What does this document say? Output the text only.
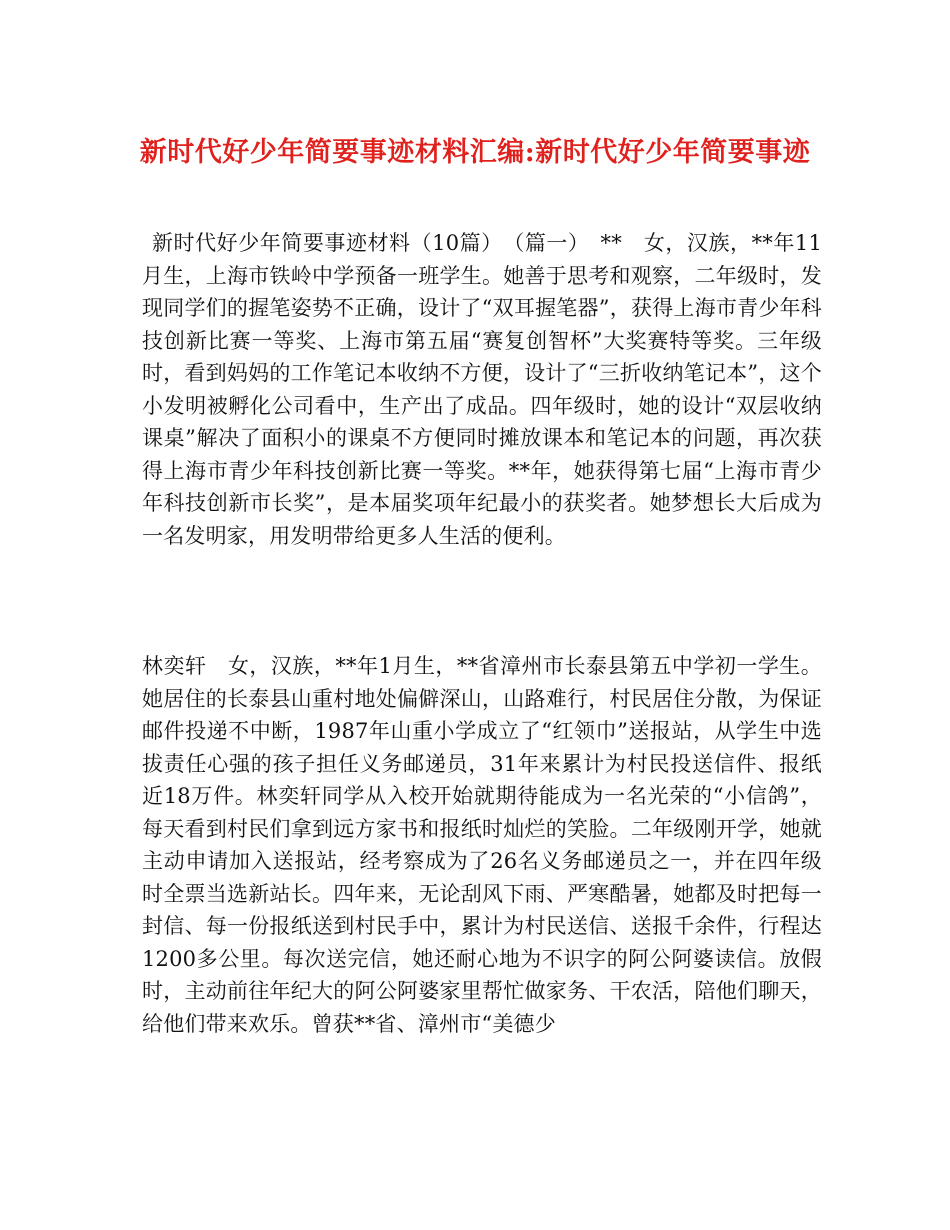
新时代好少年简要事迹材料汇编:新时代好少年简要事迹

新时代好少年简要事迹材料（10篇）　（篇一）　**　女，汉族，**年11月生，上海市铁岭中学预备一班学生。她善于思考和观察，二年级时，发现同学们的握笔姿势不正确，设计了“双耳握笔器”，获得上海市青少年科技创新比赛一等奖、上海市第五届“赛复创智杯”大奖赛特等奖。三年级时，看到妈妈的工作笔记本收纳不方便，设计了“三折收纳笔记本”，这个小发明被孵化公司看中，生产出了成品。四年级时，她的设计“双层收纳课桌”解决了面积小的课桌不方便同时摊放课本和笔记本的问题，再次获得上海市青少年科技创新比赛一等奖。**年，她获得第七届“上海市青少年科技创新市长奖”，是本届奖项年纪最小的获奖者。她梦想长大后成为一名发明家，用发明带给更多人生活的便利。

林奕轩　女，汉族，**年1月生，**省漳州市长泰县第五中学初一学生。她居住的长泰县山重村地处偏僻深山，山路难行，村民居住分散，为保证邮件投递不中断，1987年山重小学成立了“红领巾”送报站，从学生中选拔责任心强的孩子担任义务邮递员，31年来累计为村民投送信件、报纸近18万件。林奕轩同学从入校开始就期待能成为一名光荣的“小信鸽”，每天看到村民们拿到远方家书和报纸时灿烂的笑脸。二年级刚开学，她就主动申请加入送报站，经考察成为了26名义务邮递员之一，并在四年级时全票当选新站长。四年来，无论刮风下雨、严寒酷暑，她都及时把每一封信、每一份报纸送到村民手中，累计为村民送信、送报千余件，行程达1200多公里。每次送完信，她还耐心地为不识字的阿公阿婆读信。放假时，主动前往年纪大的阿公阿婆家里帮忙做家务、干农活，陪他们聊天，给他们带来欢乐。曾获**省、漳州市“美德少
